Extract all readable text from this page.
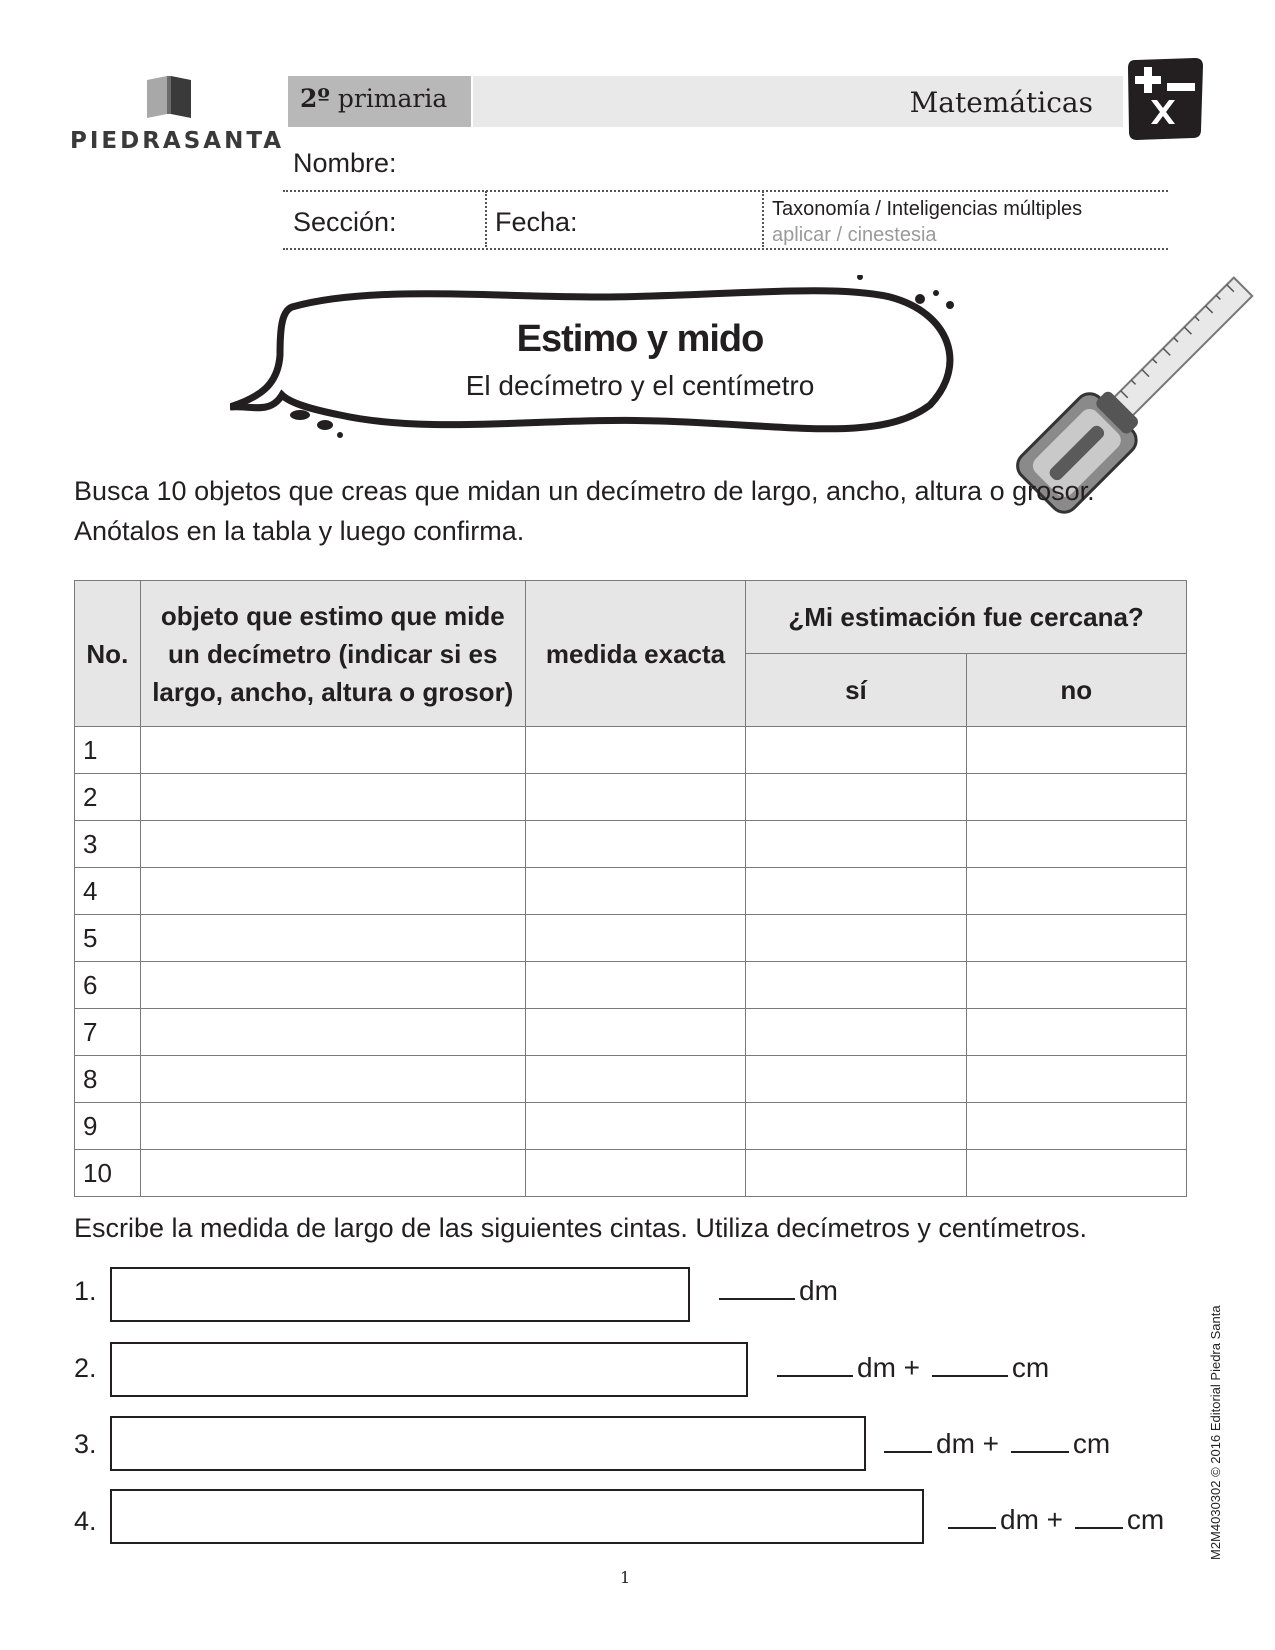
PIEDRASANTA
2º primaria	Matemáticas
Nombre:
Sección:	Fecha:	Taxonomía / Inteligencias múltiples
aplicar / cinestesia
Estimo y mido
El decímetro y el centímetro
Busca 10 objetos que creas que midan un decímetro de largo, ancho, altura o grosor.
Anótalos en la tabla y luego confirma.
No.	objeto que estimo que mide un decímetro (indicar si es largo, ancho, altura o grosor)	medida exacta	¿Mi estimación fue cercana?	
			sí	no
1				
2				
3				
4				
5				
6				
7				
8				
9				
10				
Escribe la medida de largo de las siguientes cintas. Utiliza decímetros y centímetros.
1.	dm
2.	dm +	cm
3.	dm +	cm
4.	dm + cm
1
M2M4030302 © 2016 Editorial Piedra Santa
